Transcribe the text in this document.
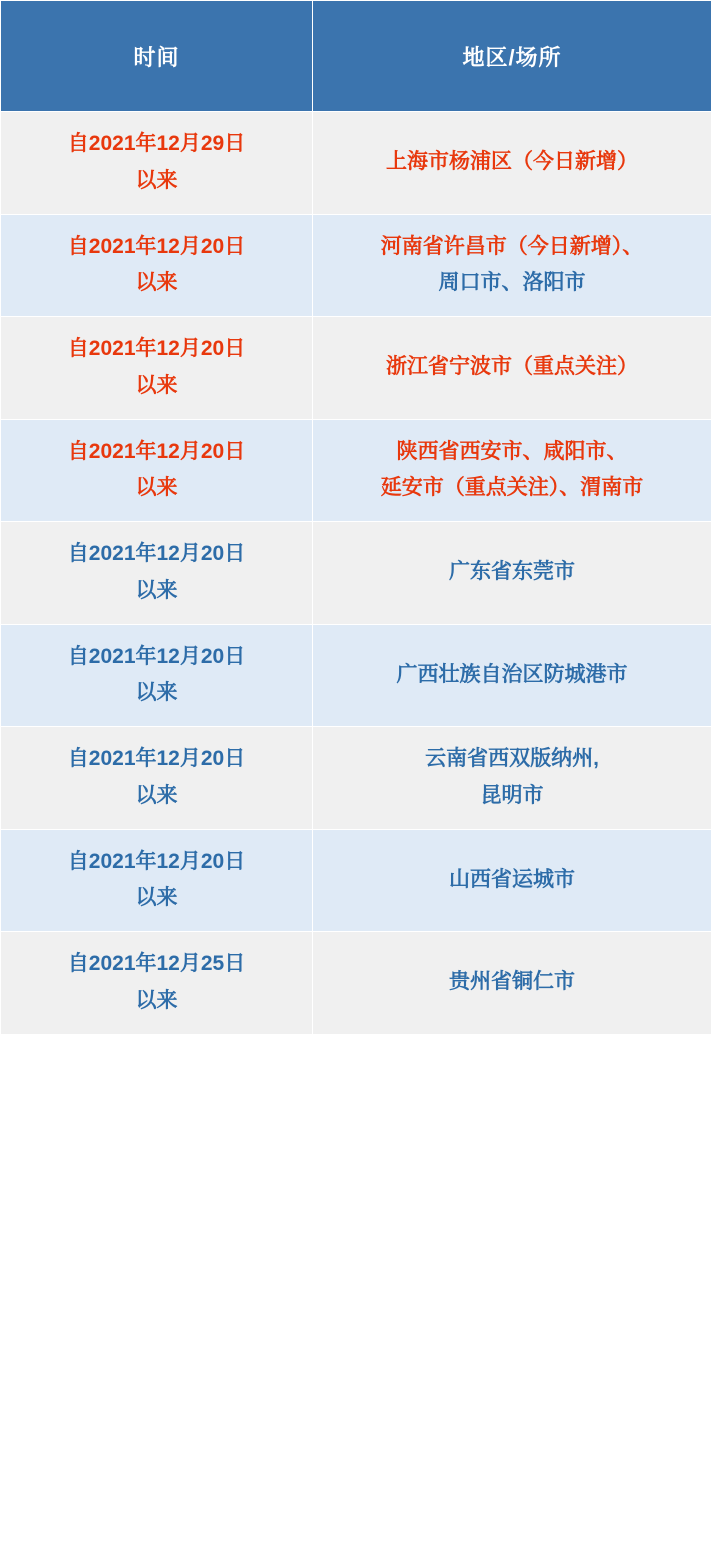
时间	地区/场所

自2021年12月29日
以来	上海市杨浦区（今日新增）

自2021年12月20日
以来	河南省许昌市（今日新增）、
周口市、洛阳市

自2021年12月20日
以来	浙江省宁波市（重点关注）

自2021年12月20日
以来	陕西省西安市、咸阳市、
延安市（重点关注）、渭南市

自2021年12月20日
以来	广东省东莞市

自2021年12月20日
以来	广西壮族自治区防城港市

自2021年12月20日
以来	云南省西双版纳州,
昆明市

自2021年12月20日
以来	山西省运城市

自2021年12月25日
以来	贵州省铜仁市
